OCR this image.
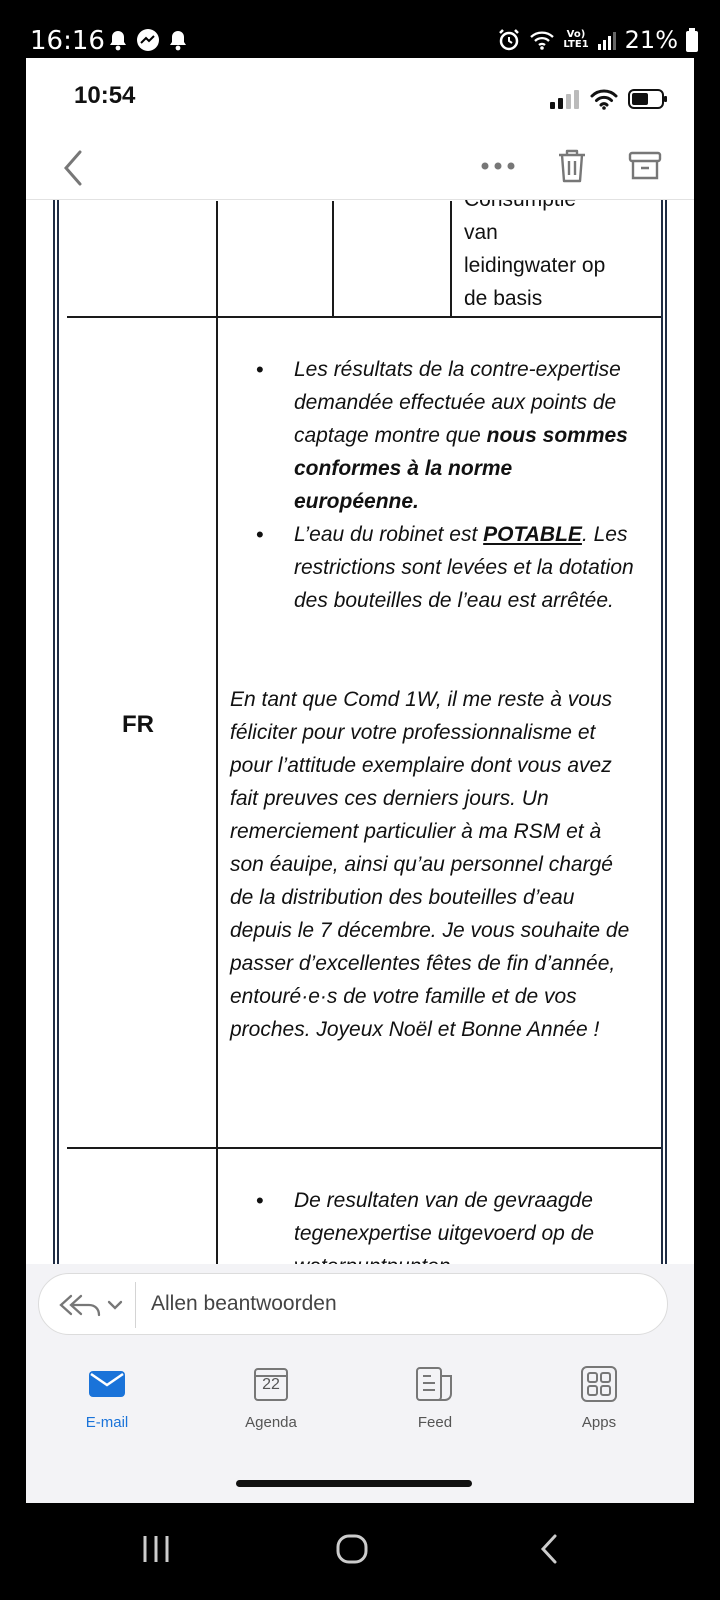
16:16	Vo)
LTE1 21%
10:54
van
leidingwater op
de basis
FR
• Les résultats de la contre-expertise demandée effectuée aux points de captage montre que nous sommes conformes à la norme européenne.
• L’eau du robinet est POTABLE. Les restrictions sont levées et la dotation des bouteilles de l’eau est arrêtée.
En tant que Comd 1W, il me reste à vous féliciter pour votre professionnalisme et pour l’attitude exemplaire dont vous avez fait preuves ces derniers jours. Un remerciement particulier à ma RSM et à son éauipe, ainsi qu’au personnel chargé de la distribution des bouteilles d’eau depuis le 7 décembre. Je vous souhaite de passer d’excellentes fêtes de fin d’année, entouré·e·s de votre famille et de vos proches. Joyeux Noël et Bonne Année !
• De resultaten van de gevraagde tegenexpertise uitgevoerd op de
Allen beantwoorden
E-mail
22
Agenda	Feed	Apps
